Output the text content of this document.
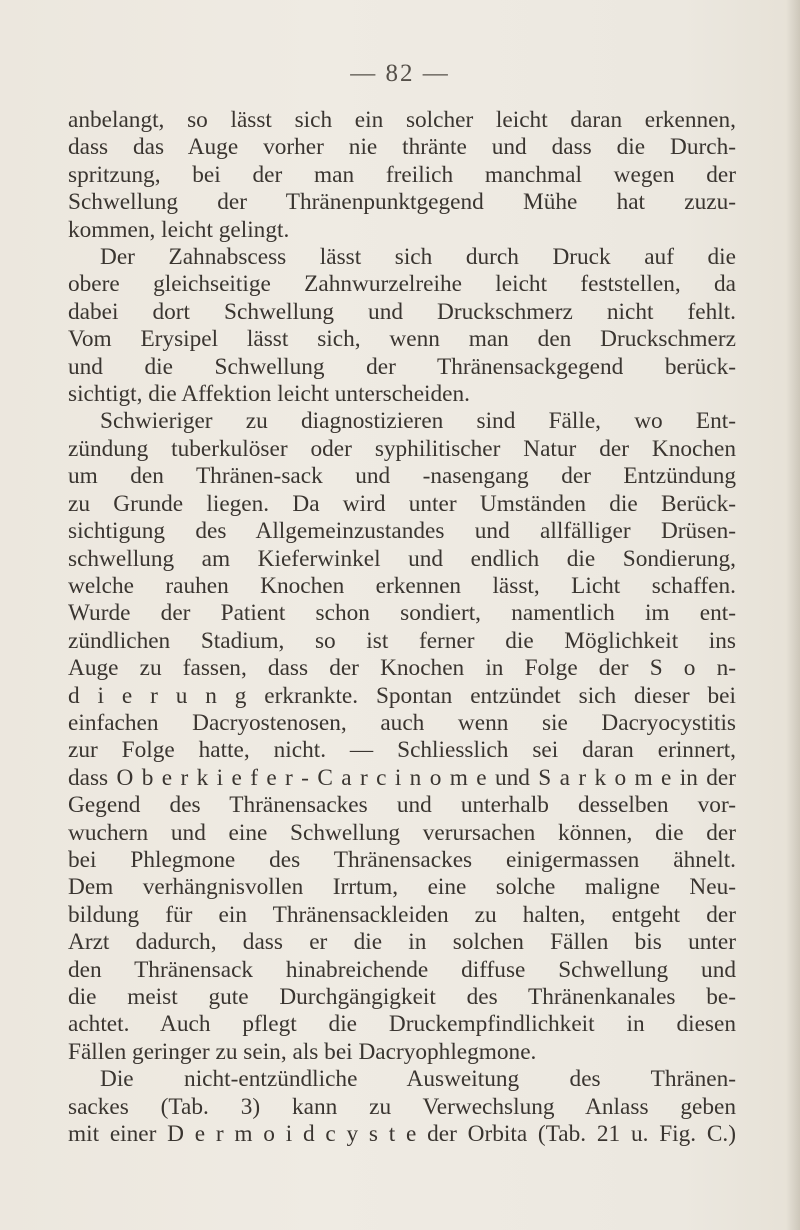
— 82 —
anbelangt, so lässt sich ein solcher leicht daran erkennen,
dass das Auge vorher nie thränte und dass die Durch-
spritzung, bei der man freilich manchmal wegen der
Schwellung der Thränenpunktgegend Mühe hat zuzu-
kommen, leicht gelingt.
Der Zahnabscess lässt sich durch Druck auf die
obere gleichseitige Zahnwurzelreihe leicht feststellen, da
dabei dort Schwellung und Druckschmerz nicht fehlt.
Vom Erysipel lässt sich, wenn man den Druckschmerz
und die Schwellung der Thränensackgegend berück-
sichtigt, die Affektion leicht unterscheiden.
Schwieriger zu diagnostizieren sind Fälle, wo Ent-
zündung tuberkulöser oder syphilitischer Natur der Knochen
um den Thränen-sack und -nasengang der Entzündung
zu Grunde liegen. Da wird unter Umständen die Berück-
sichtigung des Allgemeinzustandes und allfälliger Drüsen-
schwellung am Kieferwinkel und endlich die Sondierung,
welche rauhen Knochen erkennen lässt, Licht schaffen.
Wurde der Patient schon sondiert, namentlich im ent-
zündlichen Stadium, so ist ferner die Möglichkeit ins
Auge zu fassen, dass der Knochen in Folge der S o n-
d i e r u n g erkrankte. Spontan entzündet sich dieser bei
einfachen Dacryostenosen, auch wenn sie Dacryocystitis
zur Folge hatte, nicht. — Schliesslich sei daran erinnert,
dass O b e r k i e f e r - C a r c i n o m e und S a r k o m e in der
Gegend des Thränensackes und unterhalb desselben vor-
wuchern und eine Schwellung verursachen können, die der
bei Phlegmone des Thränensackes einigermassen ähnelt.
Dem verhängnisvollen Irrtum, eine solche maligne Neu-
bildung für ein Thränensackleiden zu halten, entgeht der
Arzt dadurch, dass er die in solchen Fällen bis unter
den Thränensack hinabreichende diffuse Schwellung und
die meist gute Durchgängigkeit des Thränenkanales be-
achtet. Auch pflegt die Druckempfindlichkeit in diesen
Fällen geringer zu sein, als bei Dacryophlegmone.
Die nicht-entzündliche Ausweitung des Thränen-
sackes (Tab. 3) kann zu Verwechslung Anlass geben
mit einer D e r m o i d c y s t e der Orbita (Tab. 21 u. Fig. C.)
